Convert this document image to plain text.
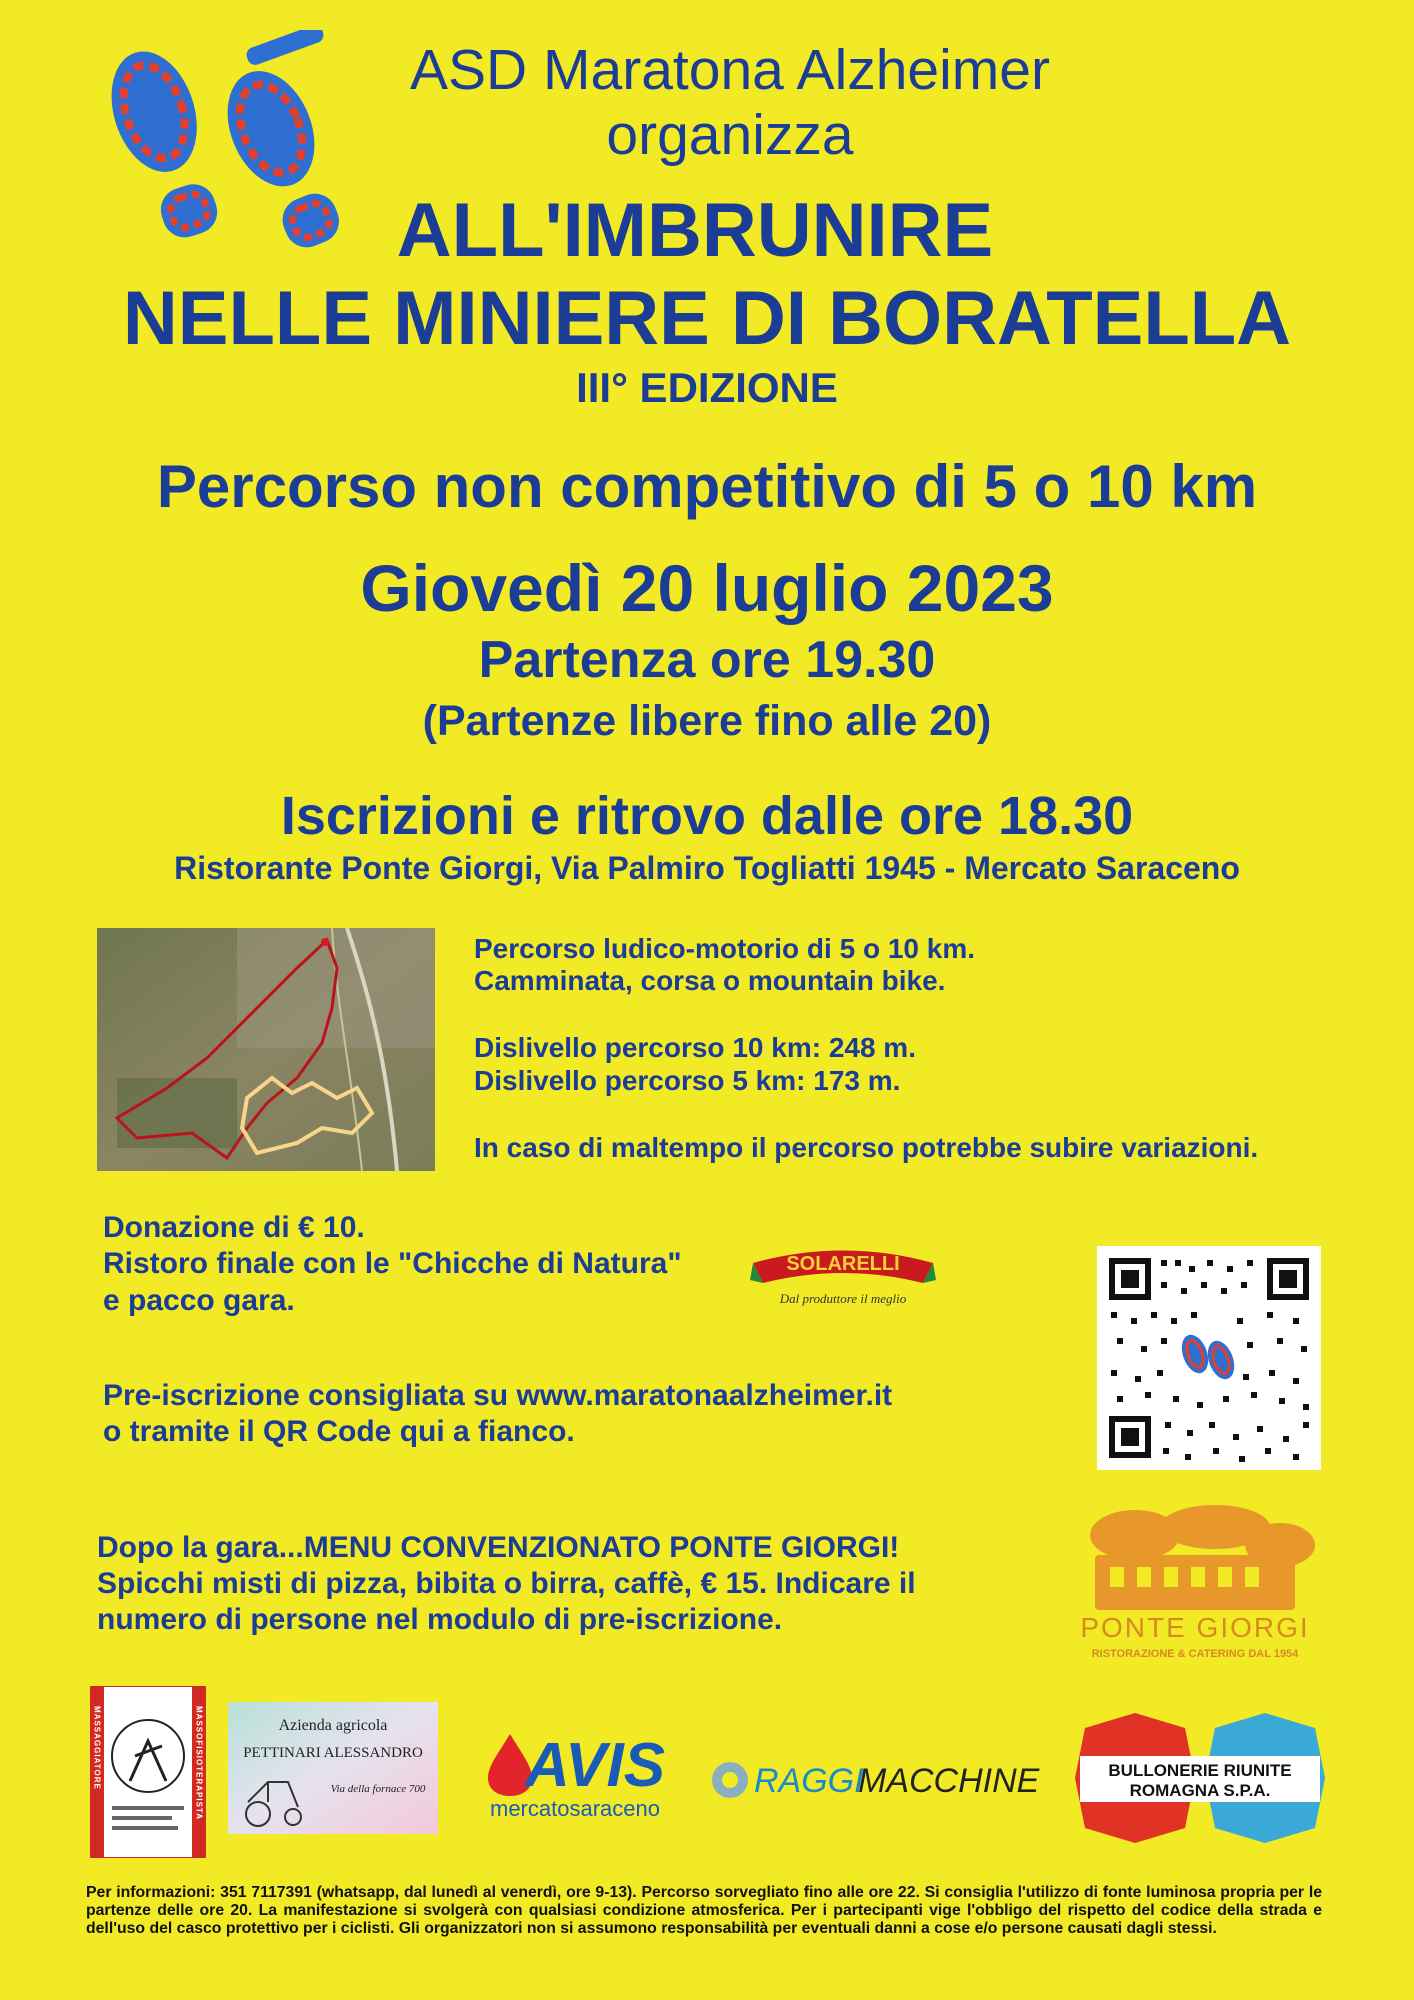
ASD Maratona Alzheimer
organizza
ALL'IMBRUNIRE
NELLE MINIERE DI BORATELLA
III° EDIZIONE
Percorso non competitivo di 5 o 10 km
Giovedì 20 luglio 2023
Partenza ore 19.30
(Partenze libere fino alle 20)
Iscrizioni e ritrovo dalle ore 18.30
Ristorante Ponte Giorgi, Via Palmiro Togliatti 1945 - Mercato Saraceno
Percorso ludico-motorio di 5 o 10 km.
Camminata, corsa o mountain bike.
Dislivello percorso 10 km: 248 m.
Dislivello percorso 5 km: 173 m.
In caso di maltempo il percorso potrebbe subire variazioni.
Donazione di € 10.
Ristoro finale con le "Chicche di Natura"
e pacco gara.
SOLARELLI
Dal produttore il meglio
Pre-iscrizione consigliata su www.maratonaalzheimer.it
o tramite il QR Code qui a fianco.
Dopo la gara...MENU CONVENZIONATO PONTE GIORGI!
Spicchi misti di pizza, bibita o birra, caffè, € 15. Indicare il
numero di persone nel modulo di pre-iscrizione.	PONTE GIORGI
RISTORAZIONE & CATERING DAL 1954
MASSAGGIATORE	MASSOFISIOTERAPISTA	Azienda agricola
PETTINARI ALESSANDRO
Via della fornace 700 AVIS
mercatosaraceno
RAGGI
MACCHINE	BULLONERIE RIUNITE
ROMAGNA S.P.A.
Per informazioni: 351 7117391 (whatsapp, dal lunedì al venerdì, ore 9-13). Percorso sorvegliato fino alle ore 22. Si consiglia l'utilizzo di fonte luminosa propria per le partenze delle ore 20. La manifestazione si svolgerà con qualsiasi condizione atmosferica. Per i partecipanti vige l'obbligo del rispetto del codice della strada e dell'uso del casco protettivo per i ciclisti. Gli organizzatori non si assumono responsabilità per eventuali danni a cose e/o persone causati dagli stessi.
